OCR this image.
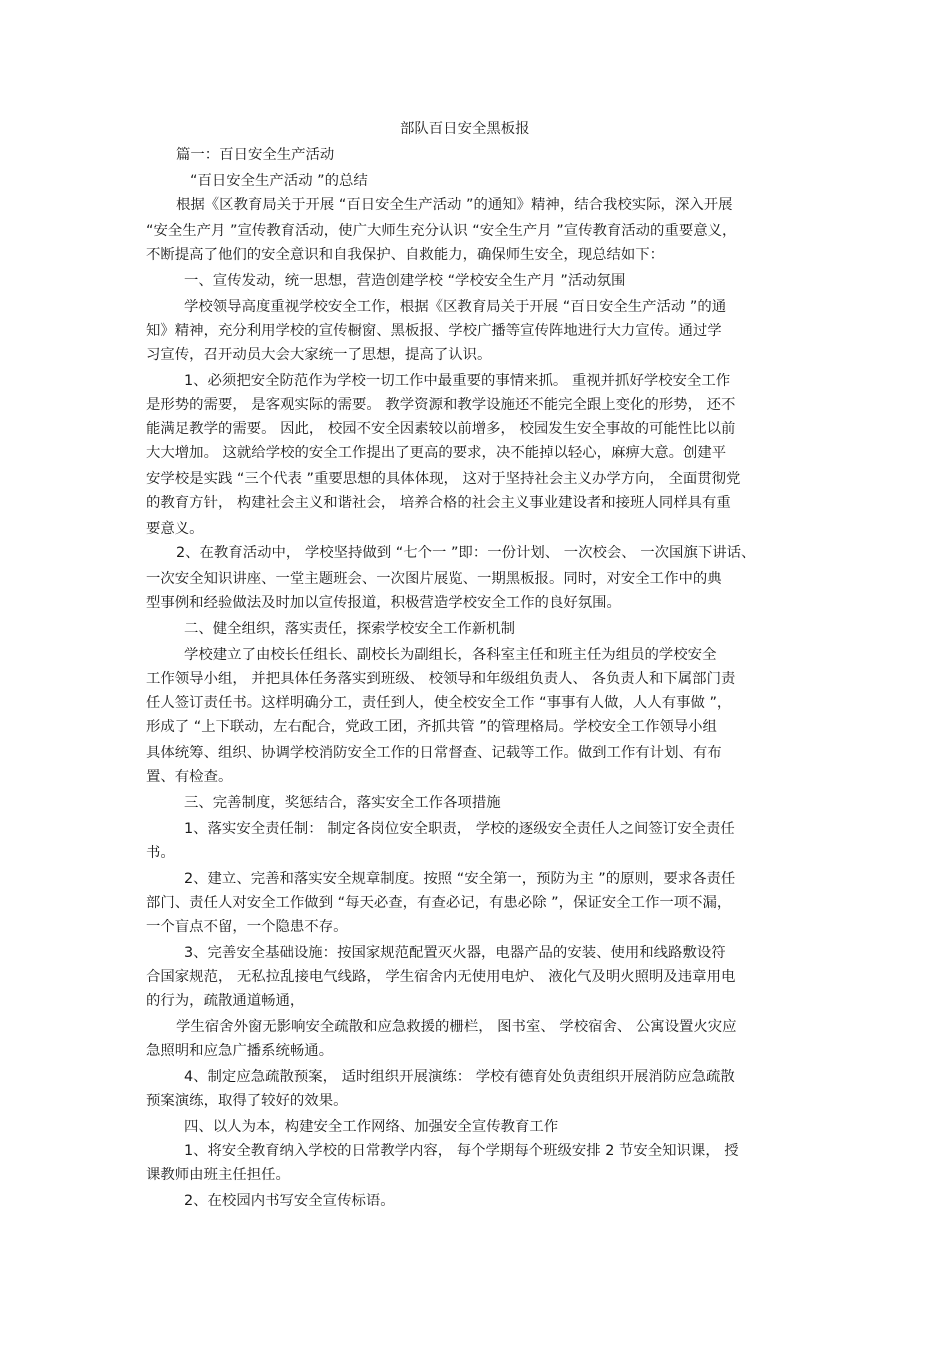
部队百日安全黑板报
篇一：百日安全生产活动
“百日安全生产活动 ”的总结
根据《区教育局关于开展 “百日安全生产活动 ”的通知》精神，结合我校实际，深入开展
“安全生产月 ”宣传教育活动，使广大师生充分认识 “安全生产月 ”宣传教育活动的重要意义，
不断提高了他们的安全意识和自我保护、自救能力，确保师生安全，现总结如下：
一、宣传发动，统一思想，营造创建学校 “学校安全生产月 ”活动氛围
学校领导高度重视学校安全工作，根据《区教育局关于开展 “百日安全生产活动 ”的通
知》精神，充分利用学校的宣传橱窗、黑板报、学校广播等宣传阵地进行大力宣传。通过学
习宣传，召开动员大会大家统一了思想，提高了认识。
1、必须把安全防范作为学校一切工作中最重要的事情来抓。 重视并抓好学校安全工作
是形势的需要， 是客观实际的需要。 教学资源和教学设施还不能完全跟上变化的形势， 还不
能满足教学的需要。 因此， 校园不安全因素较以前增多， 校园发生安全事故的可能性比以前
大大增加。 这就给学校的安全工作提出了更高的要求，决不能掉以轻心，麻痹大意。创建平
安学校是实践 “三个代表 ”重要思想的具体体现， 这对于坚持社会主义办学方向， 全面贯彻党
的教育方针， 构建社会主义和谐社会， 培养合格的社会主义事业建设者和接班人同样具有重
要意义。
2、在教育活动中， 学校坚持做到 “七个一 ”即：一份计划、 一次校会、 一次国旗下讲话、
一次安全知识讲座、一堂主题班会、一次图片展览、一期黑板报。同时，对安全工作中的典
型事例和经验做法及时加以宣传报道，积极营造学校安全工作的良好氛围。
二、健全组织，落实责任，探索学校安全工作新机制
学校建立了由校长任组长、副校长为副组长，各科室主任和班主任为组员的学校安全
工作领导小组， 并把具体任务落实到班级、 校领导和年级组负责人、 各负责人和下属部门责
任人签订责任书。这样明确分工，责任到人，使全校安全工作 “事事有人做，人人有事做 ”，
形成了 “上下联动，左右配合，党政工团，齐抓共管 ”的管理格局。学校安全工作领导小组
具体统筹、组织、协调学校消防安全工作的日常督查、记载等工作。做到工作有计划、有布
置、有检查。
三、完善制度，奖惩结合，落实安全工作各项措施
1、落实安全责任制： 制定各岗位安全职责， 学校的逐级安全责任人之间签订安全责任
书。
2、建立、完善和落实安全规章制度。按照 “安全第一，预防为主 ”的原则，要求各责任
部门、责任人对安全工作做到 “每天必查，有查必记，有患必除 ”，保证安全工作一项不漏，
一个盲点不留，一个隐患不存。
3、完善安全基础设施：按国家规范配置灭火器，电器产品的安装、使用和线路敷设符
合国家规范， 无私拉乱接电气线路， 学生宿舍内无使用电炉、 液化气及明火照明及违章用电
的行为，疏散通道畅通，
学生宿舍外窗无影响安全疏散和应急救援的栅栏， 图书室、 学校宿舍、 公寓设置火灾应
急照明和应急广播系统畅通。
4、制定应急疏散预案， 适时组织开展演练： 学校有德育处负责组织开展消防应急疏散
预案演练，取得了较好的效果。
四、以人为本，构建安全工作网络、加强安全宣传教育工作
1、将安全教育纳入学校的日常教学内容， 每个学期每个班级安排 2 节安全知识课， 授
课教师由班主任担任。
2、在校园内书写安全宣传标语。
